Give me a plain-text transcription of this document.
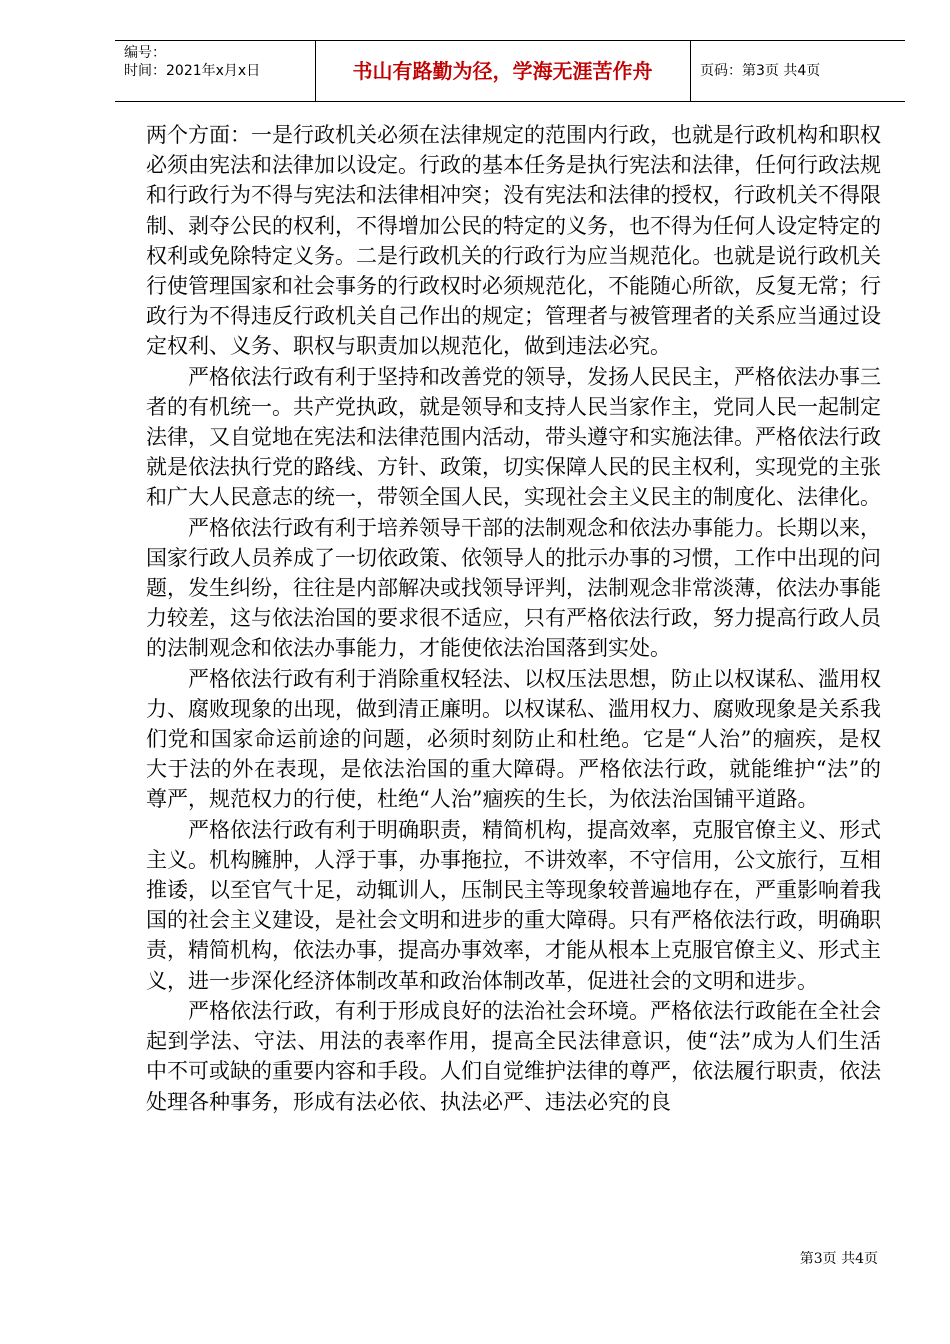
编号：
时间：2021年x月x日	书山有路勤为径，学海无涯苦作舟	页码：第3页 共4页

两个方面：一是行政机关必须在法律规定的范围内行政，也就是行政机构和职权必须由宪法和法律加以设定。行政的基本任务是执行宪法和法律，任何行政法规和行政行为不得与宪法和法律相冲突；没有宪法和法律的授权，行政机关不得限制、剥夺公民的权利，不得增加公民的特定的义务，也不得为任何人设定特定的权利或免除特定义务。二是行政机关的行政行为应当规范化。也就是说行政机关行使管理国家和社会事务的行政权时必须规范化，不能随心所欲，反复无常；行政行为不得违反行政机关自己作出的规定；管理者与被管理者的关系应当通过设定权利、义务、职权与职责加以规范化，做到违法必究。

严格依法行政有利于坚持和改善党的领导，发扬人民民主，严格依法办事三者的有机统一。共产党执政，就是领导和支持人民当家作主，党同人民一起制定法律，又自觉地在宪法和法律范围内活动，带头遵守和实施法律。严格依法行政就是依法执行党的路线、方针、政策，切实保障人民的民主权利，实现党的主张和广大人民意志的统一，带领全国人民，实现社会主义民主的制度化、法律化。

严格依法行政有利于培养领导干部的法制观念和依法办事能力。长期以来，国家行政人员养成了一切依政策、依领导人的批示办事的习惯，工作中出现的问题，发生纠纷，往往是内部解决或找领导评判，法制观念非常淡薄，依法办事能力较差，这与依法治国的要求很不适应，只有严格依法行政，努力提高行政人员的法制观念和依法办事能力，才能使依法治国落到实处。

严格依法行政有利于消除重权轻法、以权压法思想，防止以权谋私、滥用权力、腐败现象的出现，做到清正廉明。以权谋私、滥用权力、腐败现象是关系我们党和国家命运前途的问题，必须时刻防止和杜绝。它是“人治”的痼疾，是权大于法的外在表现，是依法治国的重大障碍。严格依法行政，就能维护“法”的尊严，规范权力的行使，杜绝“人治”痼疾的生长，为依法治国铺平道路。

严格依法行政有利于明确职责，精简机构，提高效率，克服官僚主义、形式主义。机构臃肿，人浮于事，办事拖拉，不讲效率，不守信用，公文旅行，互相推诿，以至官气十足，动辄训人，压制民主等现象较普遍地存在，严重影响着我国的社会主义建设，是社会文明和进步的重大障碍。只有严格依法行政，明确职责，精简机构，依法办事，提高办事效率，才能从根本上克服官僚主义、形式主义，进一步深化经济体制改革和政治体制改革，促进社会的文明和进步。

严格依法行政，有利于形成良好的法治社会环境。严格依法行政能在全社会起到学法、守法、用法的表率作用，提高全民法律意识，使“法”成为人们生活中不可或缺的重要内容和手段。人们自觉维护法律的尊严，依法履行职责，依法处理各种事务，形成有法必依、执法必严、违法必究的良

第3页 共4页
